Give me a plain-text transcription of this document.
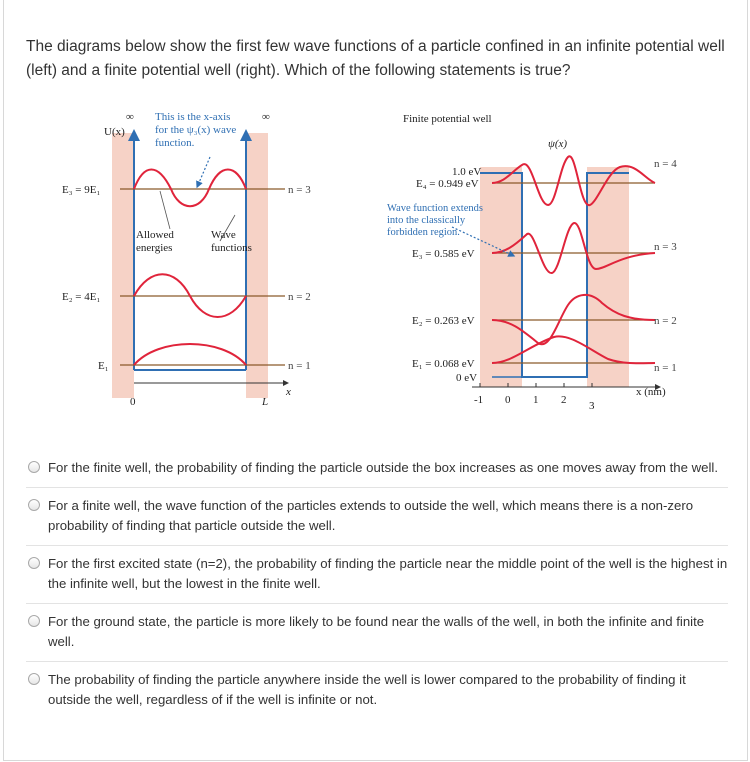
The diagrams below show the first few wave functions of a particle confined in an infinite potential well (left) and a finite potential well (right). Which of the following statements is true?

U(x)
∞	∞
This is the x-axis
for the ψ₃(x) wave
function.
E₃ = 9E₁
E₂ = 4E₁
E₁
n = 3
n = 2
n = 1
Allowed
energies
Wave
functions
x
0	L
Finite potential well
ψ(x)
1.0 eV
E₄ = 0.949 eV
E₃ = 0.585 eV
E₂ = 0.263 eV
E₁ = 0.068 eV
0 eV
n = 4
n = 3
n = 2
n = 1
Wave function extends
into the classically
forbidden region.
x (nm)
-1 0 1 2 3
For the finite well, the probability of finding the particle outside the box increases as one moves away from the well.
For a finite well, the wave function of the particles extends to outside the well, which means there is a non-zero probability of finding that particle outside the well.
For the first excited state (n=2), the probability of finding the particle near the middle point of the well is the highest in the infinite well, but the lowest in the finite well.
For the ground state, the particle is more likely to be found near the walls of the well, in both the infinite and finite well.
The probability of finding the particle anywhere inside the well is lower compared to the probability of finding it outside the well, regardless of if the well is infinite or not.
